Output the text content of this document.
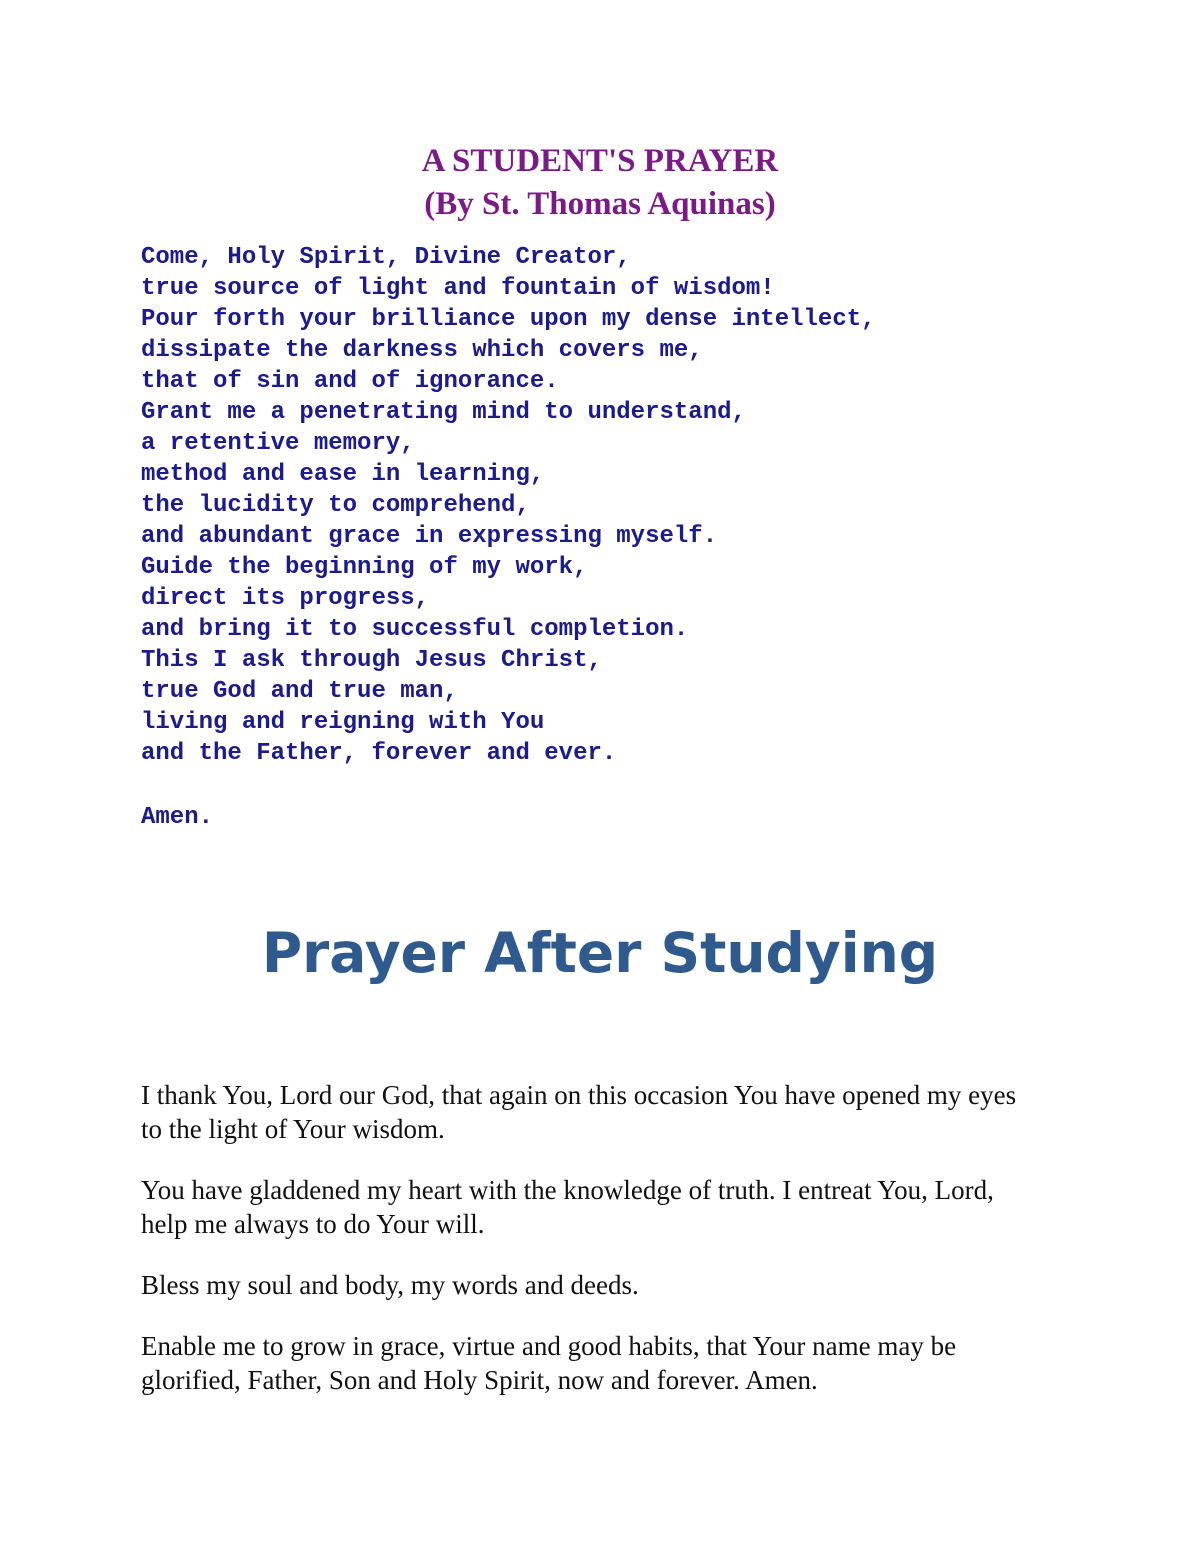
A STUDENT'S PRAYER
(By St. Thomas Aquinas)
Come, Holy Spirit, Divine Creator,
true source of light and fountain of wisdom!
Pour forth your brilliance upon my dense intellect,
dissipate the darkness which covers me,
that of sin and of ignorance.
Grant me a penetrating mind to understand,
a retentive memory,
method and ease in learning,
the lucidity to comprehend,
and abundant grace in expressing myself.
Guide the beginning of my work,
direct its progress,
and bring it to successful completion.
This I ask through Jesus Christ,
true God and true man,
living and reigning with You
and the Father, forever and ever.
Amen.
Prayer After Studying

I thank You, Lord our God, that again on this occasion You have opened my eyes to the light of Your wisdom.

You have gladdened my heart with the knowledge of truth. I entreat You, Lord, help me always to do Your will.

Bless my soul and body, my words and deeds.

Enable me to grow in grace, virtue and good habits, that Your name may be glorified, Father, Son and Holy Spirit, now and forever. Amen.
